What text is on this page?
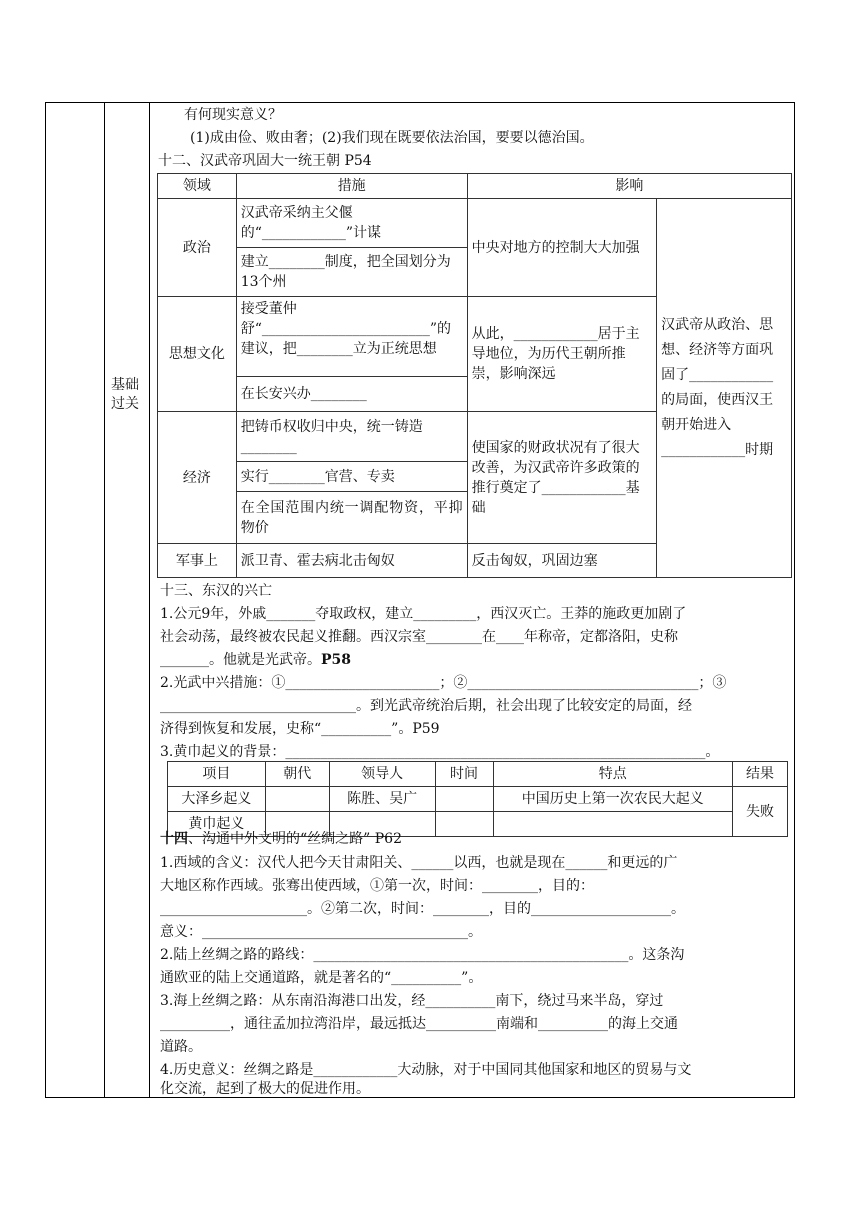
基础过关
有何现实意义？
(1)成由俭、败由奢；(2)我们现在既要依法治国，要要以德治国。
十二、汉武帝巩固大一统王朝 P54
领域	措施	影响	
政治	汉武帝采纳主父偃的“____________”计谋	中央对地方的控制大大加强	汉武帝从政治、思想、经济等方面巩固了____________的局面，使西汉王朝开始进入____________时期
	建立________制度，把全国划分为13个州		
思想文化	接受董仲舒“________________________”的建议，把________立为正统思想	从此，____________居于主导地位，为历代王朝所推崇，影响深远	
	在长安兴办________		
经济	把铸币权收归中央，统一铸造________	使国家的财政状况有了很大改善，为汉武帝许多政策的推行奠定了____________基础	
	实行________官营、专卖		
	在全国范围内统一调配物资，平抑物价		
军事上	派卫青、霍去病北击匈奴	反击匈奴，巩固边塞	
十三、东汉的兴亡
1.公元9年，外戚_______夺取政权，建立_________，西汉灭亡。王莽的施政更加剧了
社会动荡，最终被农民起义推翻。西汉宗室________在____年称帝，定都洛阳，史称
_______。他就是光武帝。P58
2.光武中兴措施：①______________________；②_________________________________；③
____________________________。到光武帝统治后期，社会出现了比较安定的局面，经
济得到恢复和发展，史称“__________”。P59
3.黄巾起义的背景：____________________________________________________________。
项目	朝代	领导人	时间	特点	结果
大泽乡起义		陈胜、吴广		中国历史上第一次农民大起义	失败
黄巾起义					
十四、沟通中外文明的“丝绸之路” P62
1.西域的含义：汉代人把今天甘肃阳关、______以西，也就是现在______和更远的广
大地区称作西域。张骞出使西域，①第一次，时间：________，目的：
_____________________。②第二次，时间：________，目的____________________。
意义：______________________________________。
2.陆上丝绸之路的路线：_____________________________________________。这条沟
通欧亚的陆上交通道路，就是著名的“__________”。
3.海上丝绸之路：从东南沿海港口出发，经__________南下，绕过马来半岛，穿过
__________，通往孟加拉湾沿岸，最远抵达__________南端和__________的海上交通
道路。
4.历史意义：丝绸之路是____________大动脉，对于中国同其他国家和地区的贸易与文
化交流，起到了极大的促进作用。
